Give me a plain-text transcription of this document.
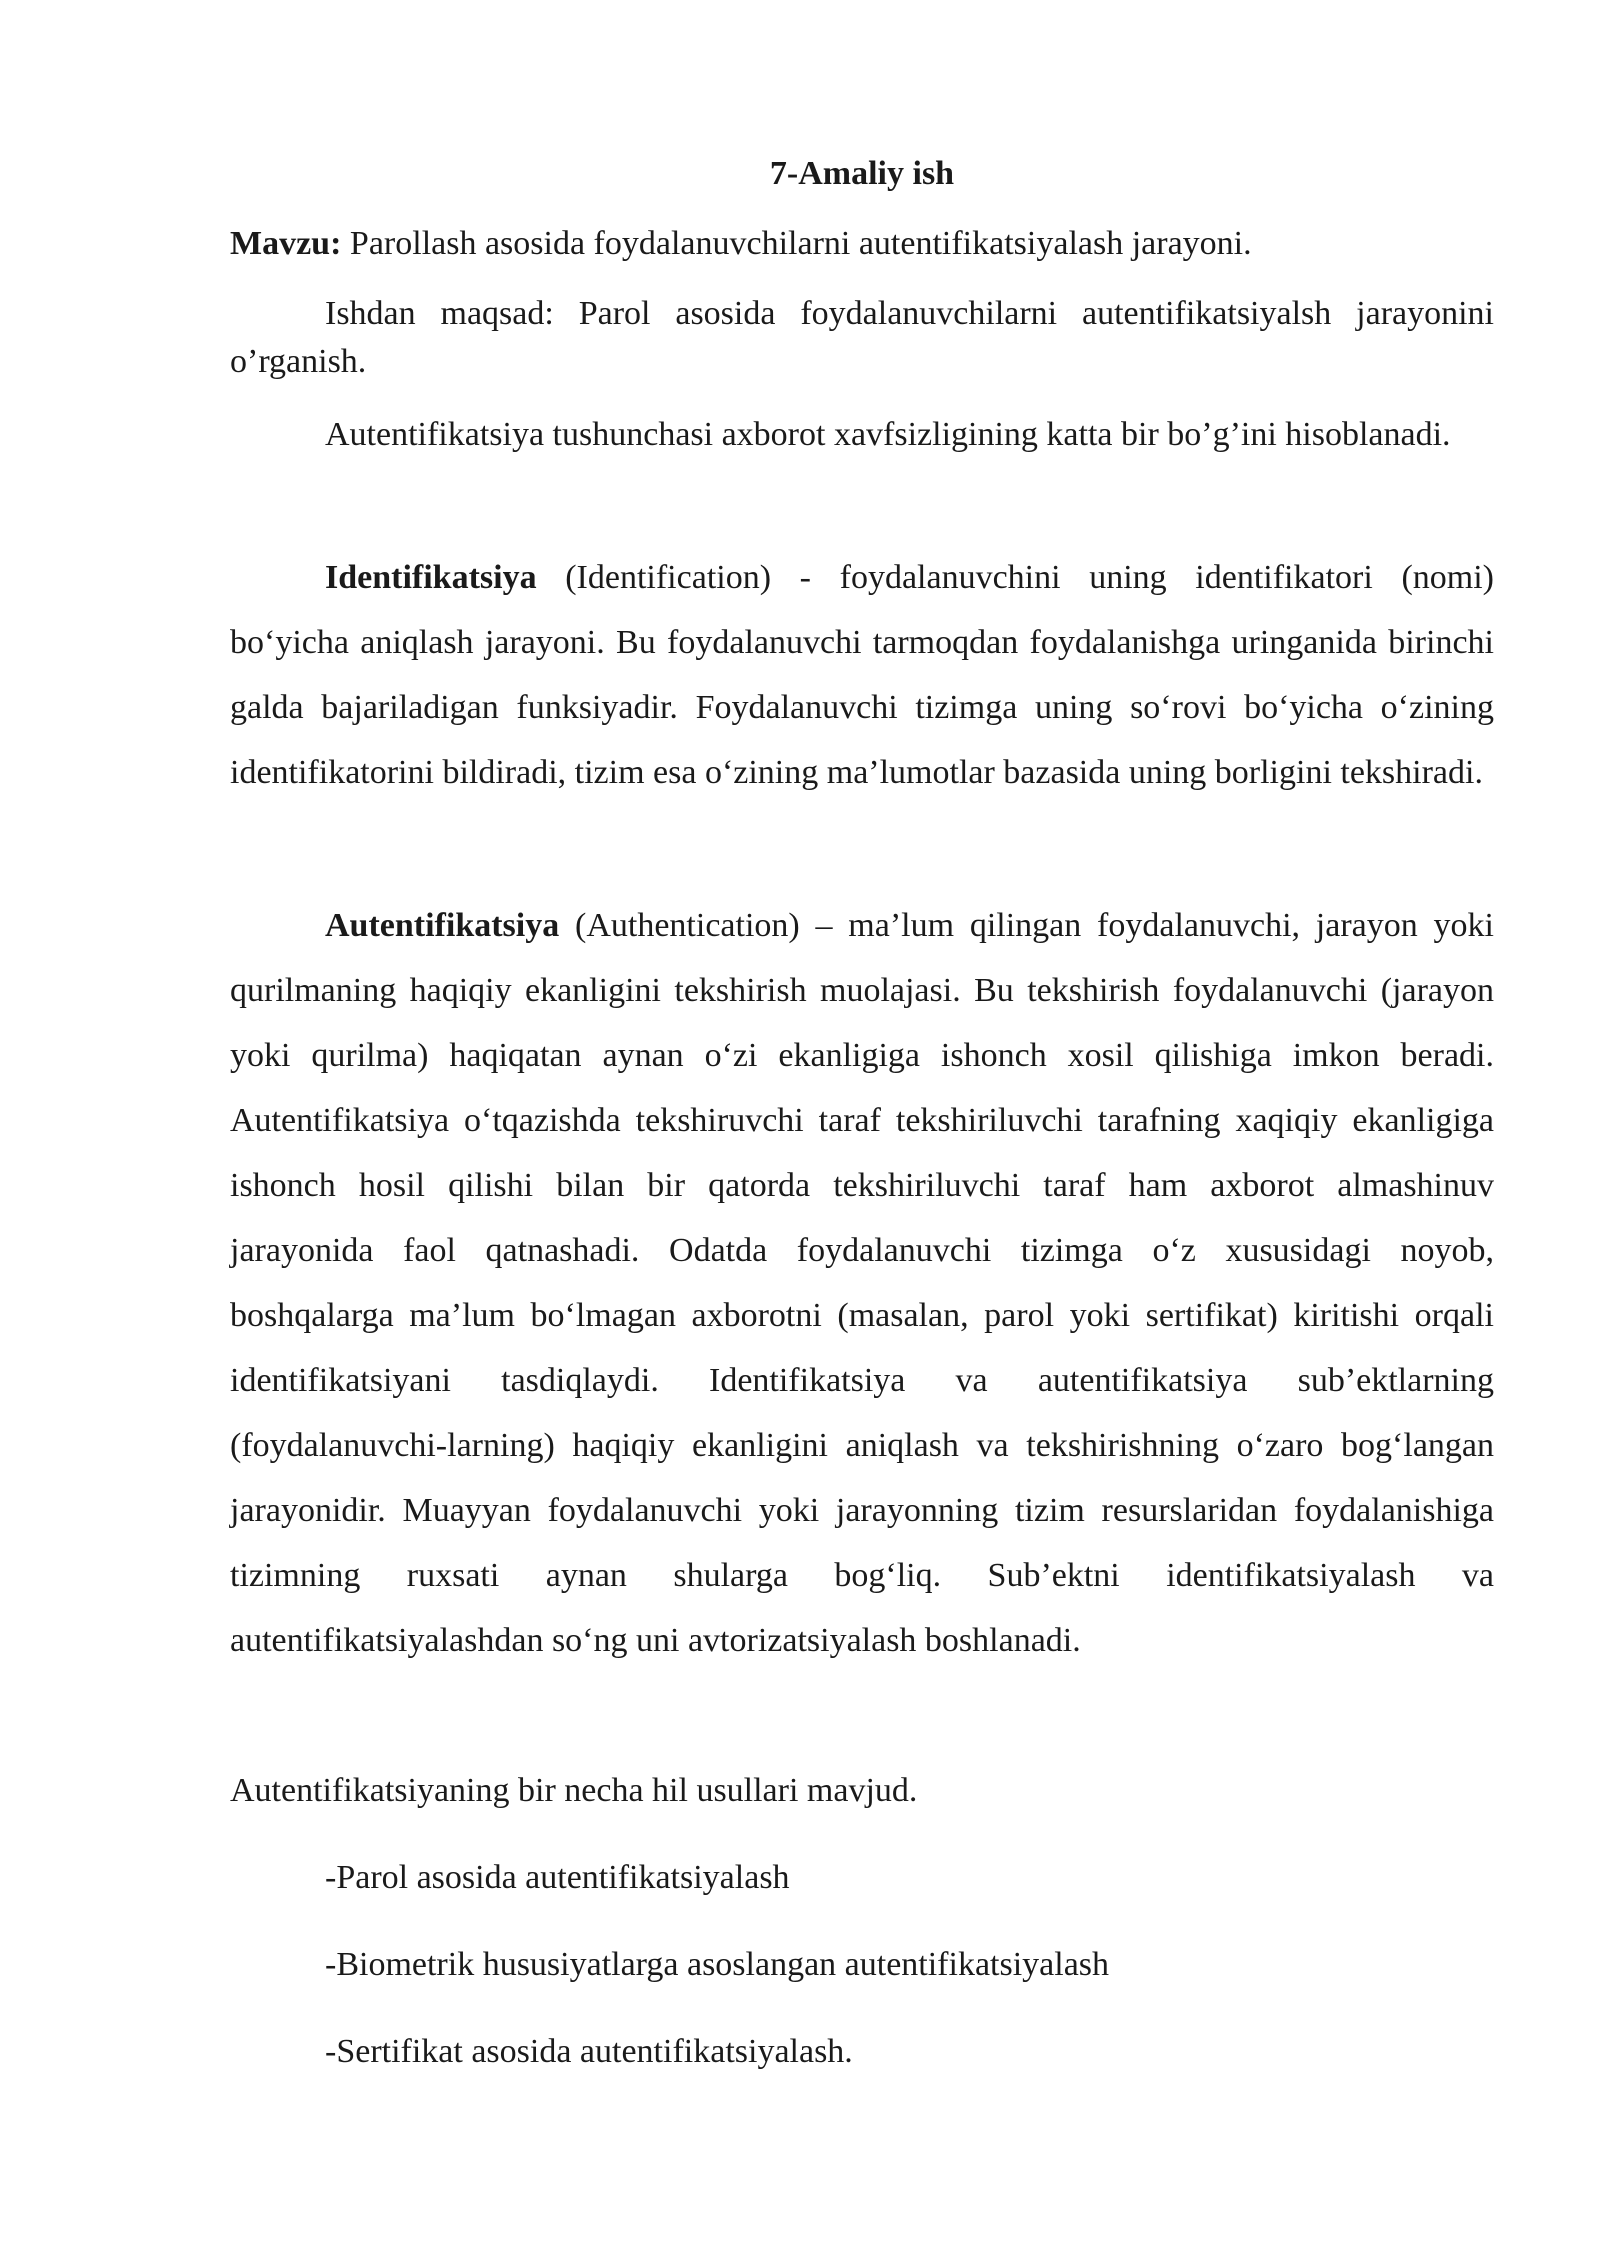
7-Amaliy ish

Mavzu: Parollash asosida foydalanuvchilarni autentifikatsiyalash jarayoni.

Ishdan maqsad: Parol asosida foydalanuvchilarni autentifikatsiyalsh jarayonini o’rganish.

Autentifikatsiya tushunchasi axborot xavfsizligining katta bir bo’g’ini hisoblanadi.

Identifikatsiya (Identification) - foydalanuvchini uning identifikatori (nomi) bo‘yicha aniqlash jarayoni. Bu foydalanuvchi tarmoqdan foydalanishga uringanida birinchi galda bajariladigan funksiyadir. Foydalanuvchi tizimga uning so‘rovi bo‘yicha o‘zining identifikatorini bildiradi, tizim esa o‘zining ma’lumotlar bazasida uning borligini tekshiradi.

Autentifikatsiya (Authentication) – ma’lum qilingan foydalanuvchi, jarayon yoki qurilmaning haqiqiy ekanligini tekshirish muolajasi. Bu tekshirish foydalanuvchi (jarayon yoki qurilma) haqiqatan aynan o‘zi ekanligiga ishonch xosil qilishiga imkon beradi. Autentifikatsiya o‘tqazishda tekshiruvchi taraf tekshiriluvchi tarafning xaqiqiy ekanligiga ishonch hosil qilishi bilan bir qatorda tekshiriluvchi taraf ham axborot almashinuv jarayonida faol qatnashadi. Odatda foydalanuvchi tizimga o‘z xususidagi noyob, boshqalarga ma’lum bo‘lmagan axborotni (masalan, parol yoki sertifikat) kiritishi orqali identifikatsiyani tasdiqlaydi. Identifikatsiya va autentifikatsiya sub’ektlarning (foydalanuvchi-larning) haqiqiy ekanligini aniqlash va tekshirishning o‘zaro bog‘langan jarayonidir. Muayyan foydalanuvchi yoki jarayonning tizim resurslaridan foydalanishiga tizimning ruxsati aynan shularga bog‘liq. Sub’ektni identifikatsiyalash va autentifikatsiyalashdan so‘ng uni avtorizatsiyalash boshlanadi.

Autentifikatsiyaning bir necha hil usullari mavjud.

-Parol asosida autentifikatsiyalash

-Biometrik hususiyatlarga asoslangan autentifikatsiyalash

-Sertifikat asosida autentifikatsiyalash.
